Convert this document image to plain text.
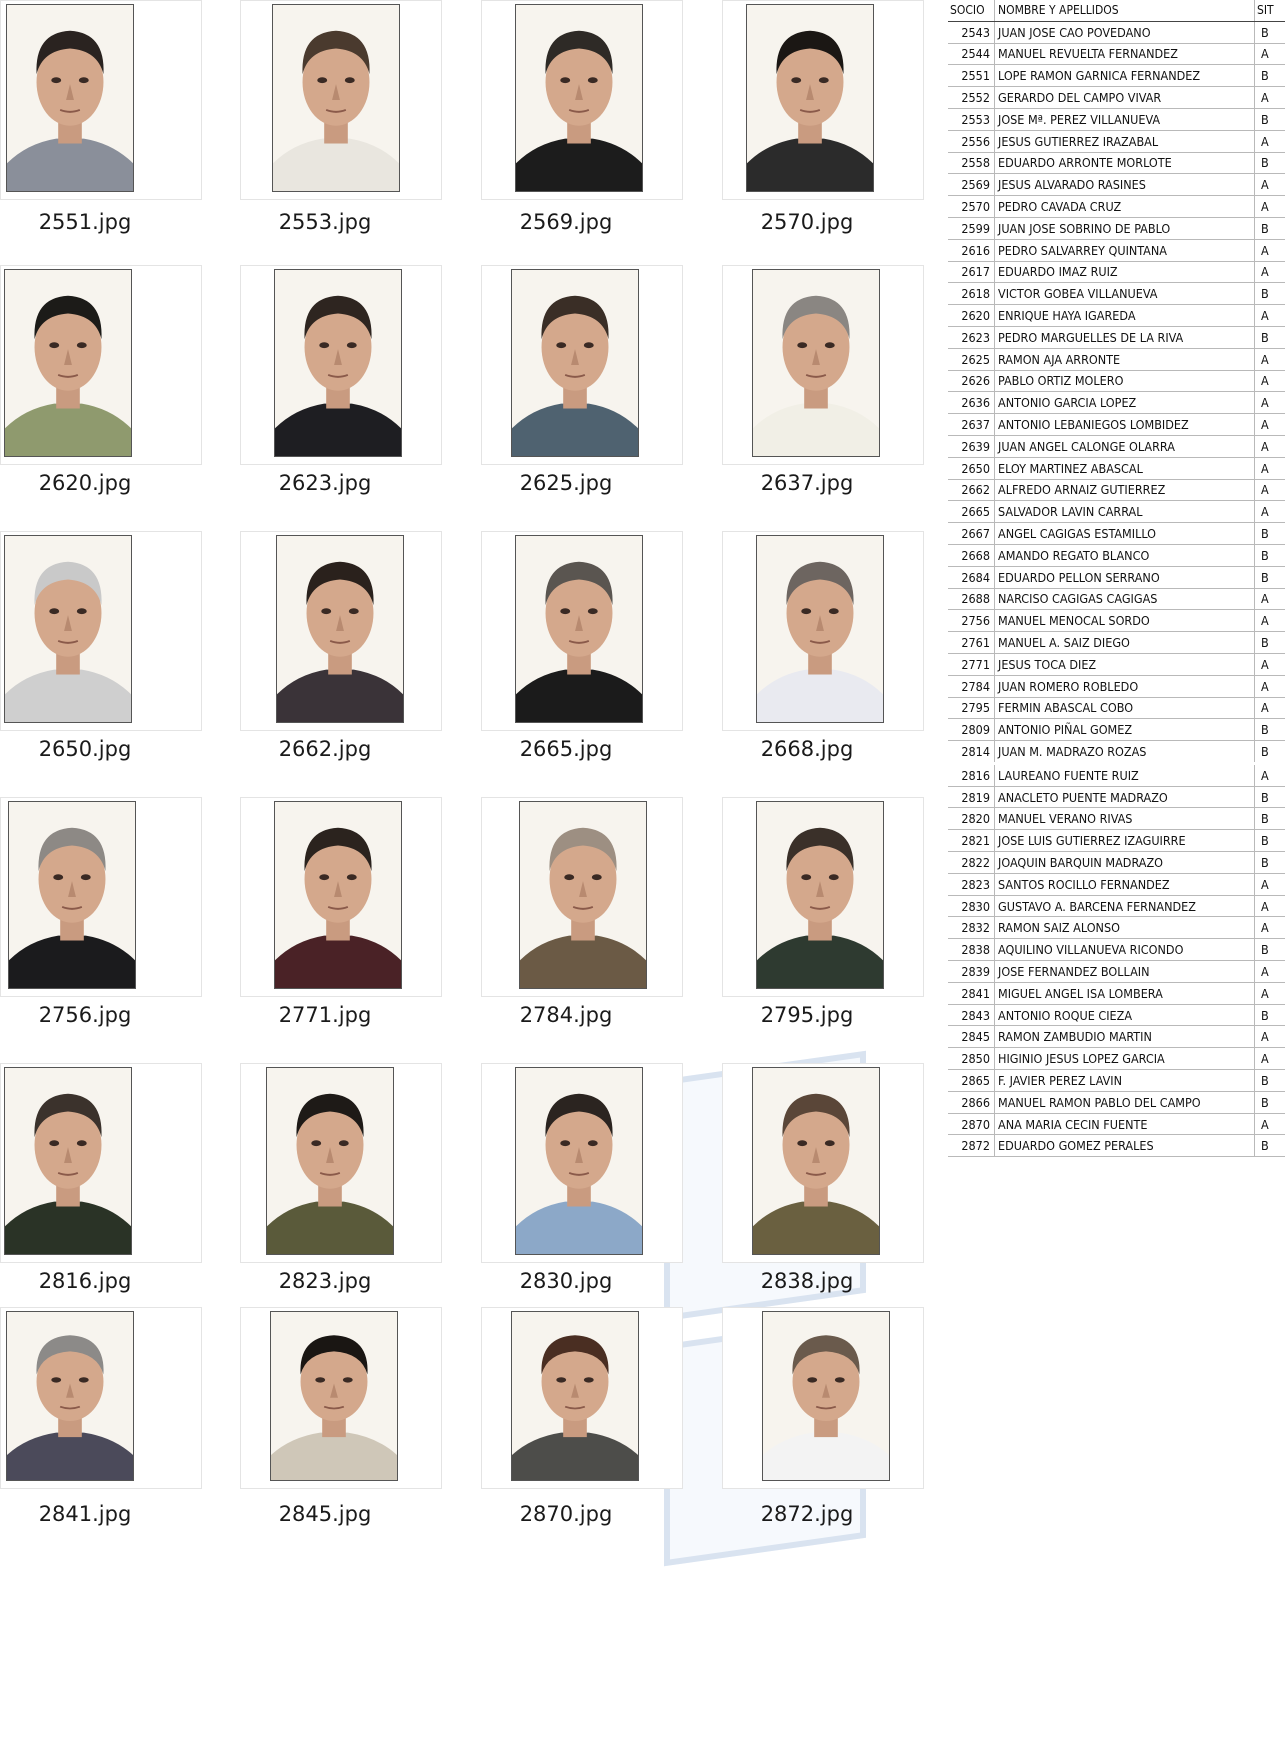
2551.jpg	2553.jpg	2569.jpg	2570.jpg
2620.jpg	2623.jpg	2625.jpg	2637.jpg
2650.jpg	2662.jpg	2665.jpg	2668.jpg
2756.jpg	2771.jpg	2784.jpg	2795.jpg
2816.jpg	2823.jpg	2830.jpg	2838.jpg
2841.jpg	2845.jpg	2870.jpg	2872.jpg
SOCIO	NOMBRE Y APELLIDOS	SIT
2543	JUAN JOSE CAO POVEDANO	B
2544	MANUEL REVUELTA FERNANDEZ	A
2551	LOPE RAMON GARNICA FERNANDEZ	B
2552	GERARDO DEL CAMPO VIVAR	A
2553	JOSE Mª. PEREZ VILLANUEVA	B
2556	JESUS GUTIERREZ IRAZABAL	A
2558	EDUARDO ARRONTE MORLOTE	B
2569	JESUS ALVARADO RASINES	A
2570	PEDRO CAVADA CRUZ	A
2599	JUAN JOSE SOBRINO DE PABLO	B
2616	PEDRO SALVARREY QUINTANA	A
2617	EDUARDO IMAZ RUIZ	A
2618	VICTOR GOBEA VILLANUEVA	B
2620	ENRIQUE HAYA IGAREDA	A
2623	PEDRO MARGUELLES DE LA RIVA	B
2625	RAMON AJA ARRONTE	A
2626	PABLO ORTIZ MOLERO	A
2636	ANTONIO GARCIA LOPEZ	A
2637	ANTONIO LEBANIEGOS LOMBIDEZ	A
2639	JUAN ANGEL CALONGE OLARRA	A
2650	ELOY MARTINEZ ABASCAL	A
2662	ALFREDO ARNAIZ GUTIERREZ	A
2665	SALVADOR LAVIN CARRAL	A
2667	ANGEL CAGIGAS ESTAMILLO	B
2668	AMANDO REGATO BLANCO	B
2684	EDUARDO PELLON SERRANO	B
2688	NARCISO CAGIGAS CAGIGAS	A
2756	MANUEL MENOCAL SORDO	A
2761	MANUEL A. SAIZ DIEGO	B
2771	JESUS TOCA DIEZ	A
2784	JUAN ROMERO ROBLEDO	A
2795	FERMIN ABASCAL COBO	A
2809	ANTONIO PIÑAL GOMEZ	B
2814	JUAN M. MADRAZO ROZAS	B
2816	LAUREANO FUENTE RUIZ	A
2819	ANACLETO PUENTE MADRAZO	B
2820	MANUEL VERANO RIVAS	B
2821	JOSE LUIS GUTIERREZ IZAGUIRRE	B
2822	JOAQUIN BARQUIN MADRAZO	B
2823	SANTOS ROCILLO FERNANDEZ	A
2830	GUSTAVO A. BARCENA FERNANDEZ	A
2832	RAMON SAIZ ALONSO	A
2838	AQUILINO VILLANUEVA RICONDO	B
2839	JOSE FERNANDEZ BOLLAIN	A
2841	MIGUEL ANGEL ISA LOMBERA	A
2843	ANTONIO ROQUE CIEZA	B
2845	RAMON ZAMBUDIO MARTIN	A
2850	HIGINIO JESUS LOPEZ GARCIA	A
2865	F. JAVIER PEREZ LAVIN	B
2866	MANUEL RAMON PABLO DEL CAMPO	B
2870	ANA MARIA CECIN FUENTE	A
2872	EDUARDO GOMEZ PERALES	B
